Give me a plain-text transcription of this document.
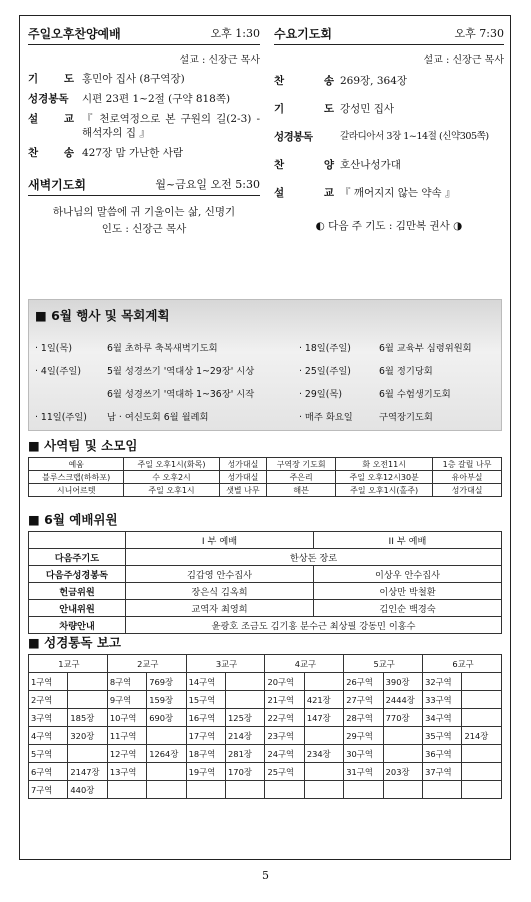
주일오후찬양예배	오후 1:30
설교 : 신장근 목사
기 도 홍민아 집사 (8구역장)
성경봉독	시편 23편 1~2절 (구약 818쪽)
설 교 『 천로역정으로 본 구원의 길(2-3) - 해석자의 집 』
찬 송 427장 맘 가난한 사람
새벽기도회	월~금요일 오전 5:30
하나님의 말씀에 귀 기울이는 삶, 신명기
인도 : 신장근 목사
수요기도회	오후 7:30
설교 : 신장근 목사
찬	송 269장, 364장
기	도 강성민 집사
성경봉독	갈라디아서 3장 1~14절 (신약305쪽)
찬	양 호산나성가대
설	교 『 깨어지지 않는 약속 』
◐ 다음 주 기도 : 김만복 권사 ◑
■ 6월 행사 및 목회계획
· 1일(목)	6월 초하루 축복새벽기도회
· 4일(주일)	5월 성경쓰기 '역대상 1~29장' 시상
6월 성경쓰기 '역대하 1~36장' 시작
· 11일(주일) 남 · 여신도회 6월 월례회
· 18일(주일)	6월 교육부 심령위원회
· 25일(주일)	6월 정기당회
· 29일(목)	6월 수험생기도회
· 매주 화요일	구역장기도회
■ 사역팀 및 소모임
예움	주일 오후1시(화목)	성가대실	구역장 기도회	화 오전11시	1층 갈릴 나무
블루스크랩(하하포)	수 오후2시	성가대실	주은리	주일 오후12시30분	유아부실
시니어르텟	주일 오후1시	샛별 나무	해븐	주일 오후1시(홀주)	성가대실
■ 6월 예배위원
	I 부 예배	II 부 예배
다음주기도	한상돈 장로	
다음주성경봉독	김갑영 안수집사	이상우 안수집사
헌금위원	장은식 김옥희	이상만 박철환
안내위원	교역자 최영희	김인순 백경숙
차량안내	윤광호 조금도 김기홍 분수근 최상필 강동민 이홍수	
■ 성경통독 보고
1교구		2교구		3교구		4교구		5교구		6교구	
1구역		8구역	769장	14구역		20구역		26구역	390장	32구역	
2구역		9구역	159장	15구역		21구역	421장	27구역	2444장	33구역	
3구역	185장	10구역	690장	16구역	125장	22구역	147장	28구역	770장	34구역	
4구역	320장	11구역		17구역	214장	23구역		29구역		35구역	214장
5구역		12구역	1264장	18구역	281장	24구역	234장	30구역		36구역	
6구역	2147장	13구역		19구역	170장	25구역		31구역	203장	37구역	
7구역	440장										
5
